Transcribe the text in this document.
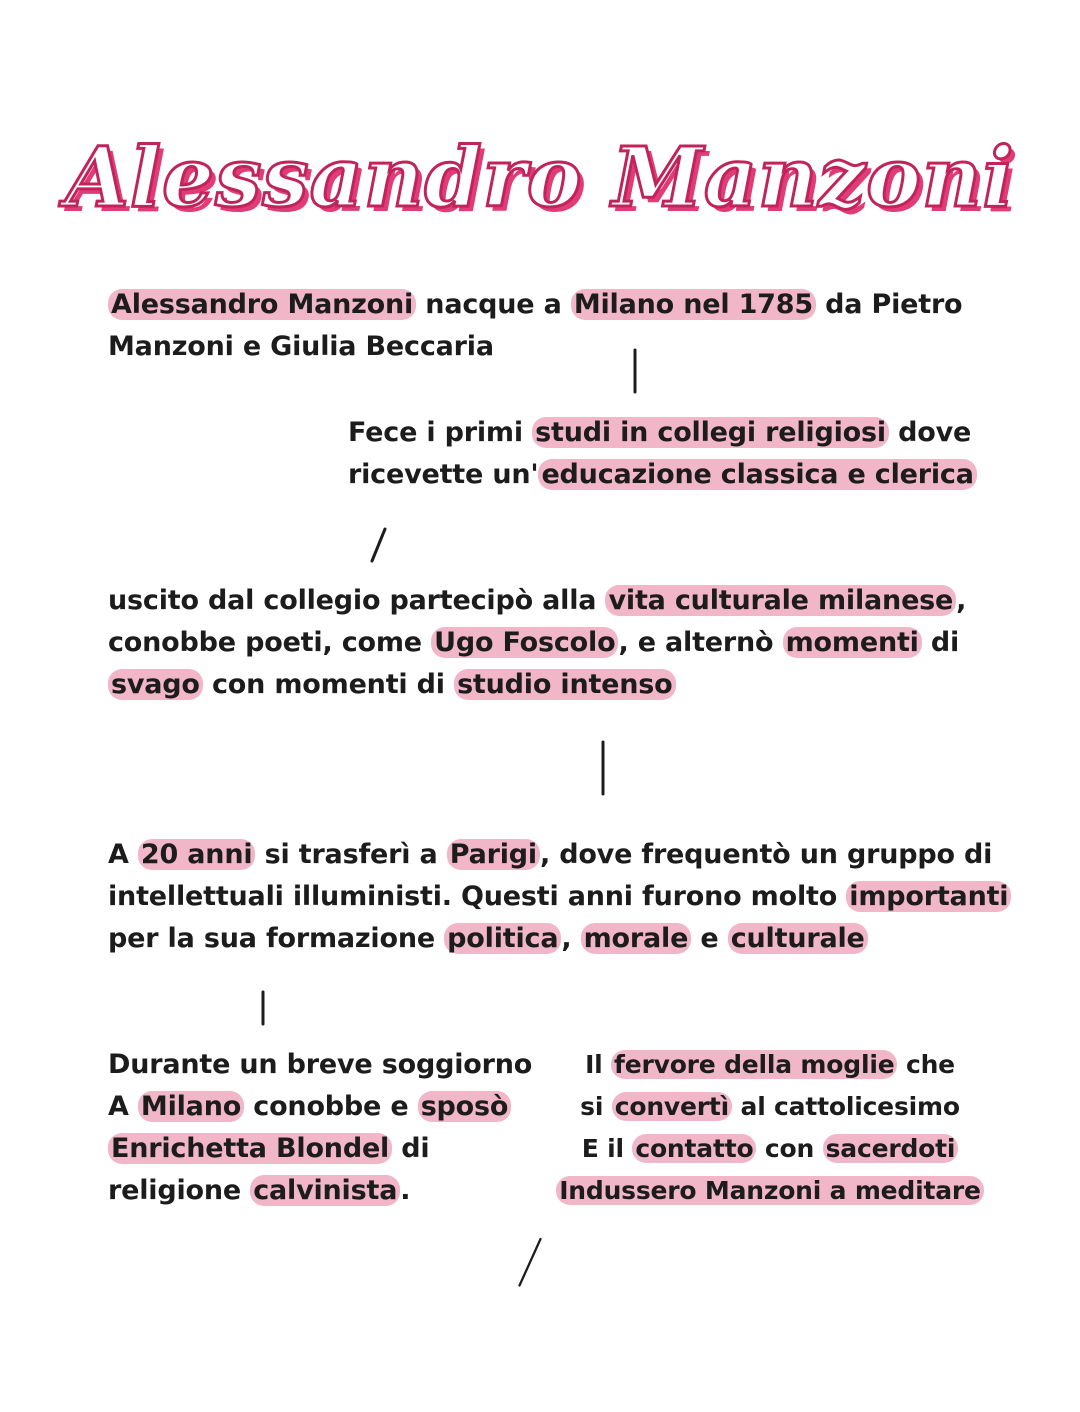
Alessandro Manzoni
Alessandro Manzoni nacque a Milano nel 1785 da Pietro
Manzoni e Giulia Beccaria
Fece i primi studi in collegi religiosi dove
ricevette un' educazione classica e clerica
uscito dal collegio partecipò alla vita culturale milanese ,
conobbe poeti, come Ugo Foscolo , e alternò momenti di
svago con momenti di studio intenso
A 20 anni si trasferì a Parigi , dove frequentò un gruppo di
intellettuali illuministi. Questi anni furono molto importanti
per la sua formazione politica , morale e culturale
Durante un breve soggiorno
A Milano conobbe e sposò
Enrichetta Blondel di
religione calvinista .
Il fervore della moglie che
si convertì al cattolicesimo
E il contatto con sacerdoti
Indussero Manzoni a meditare
